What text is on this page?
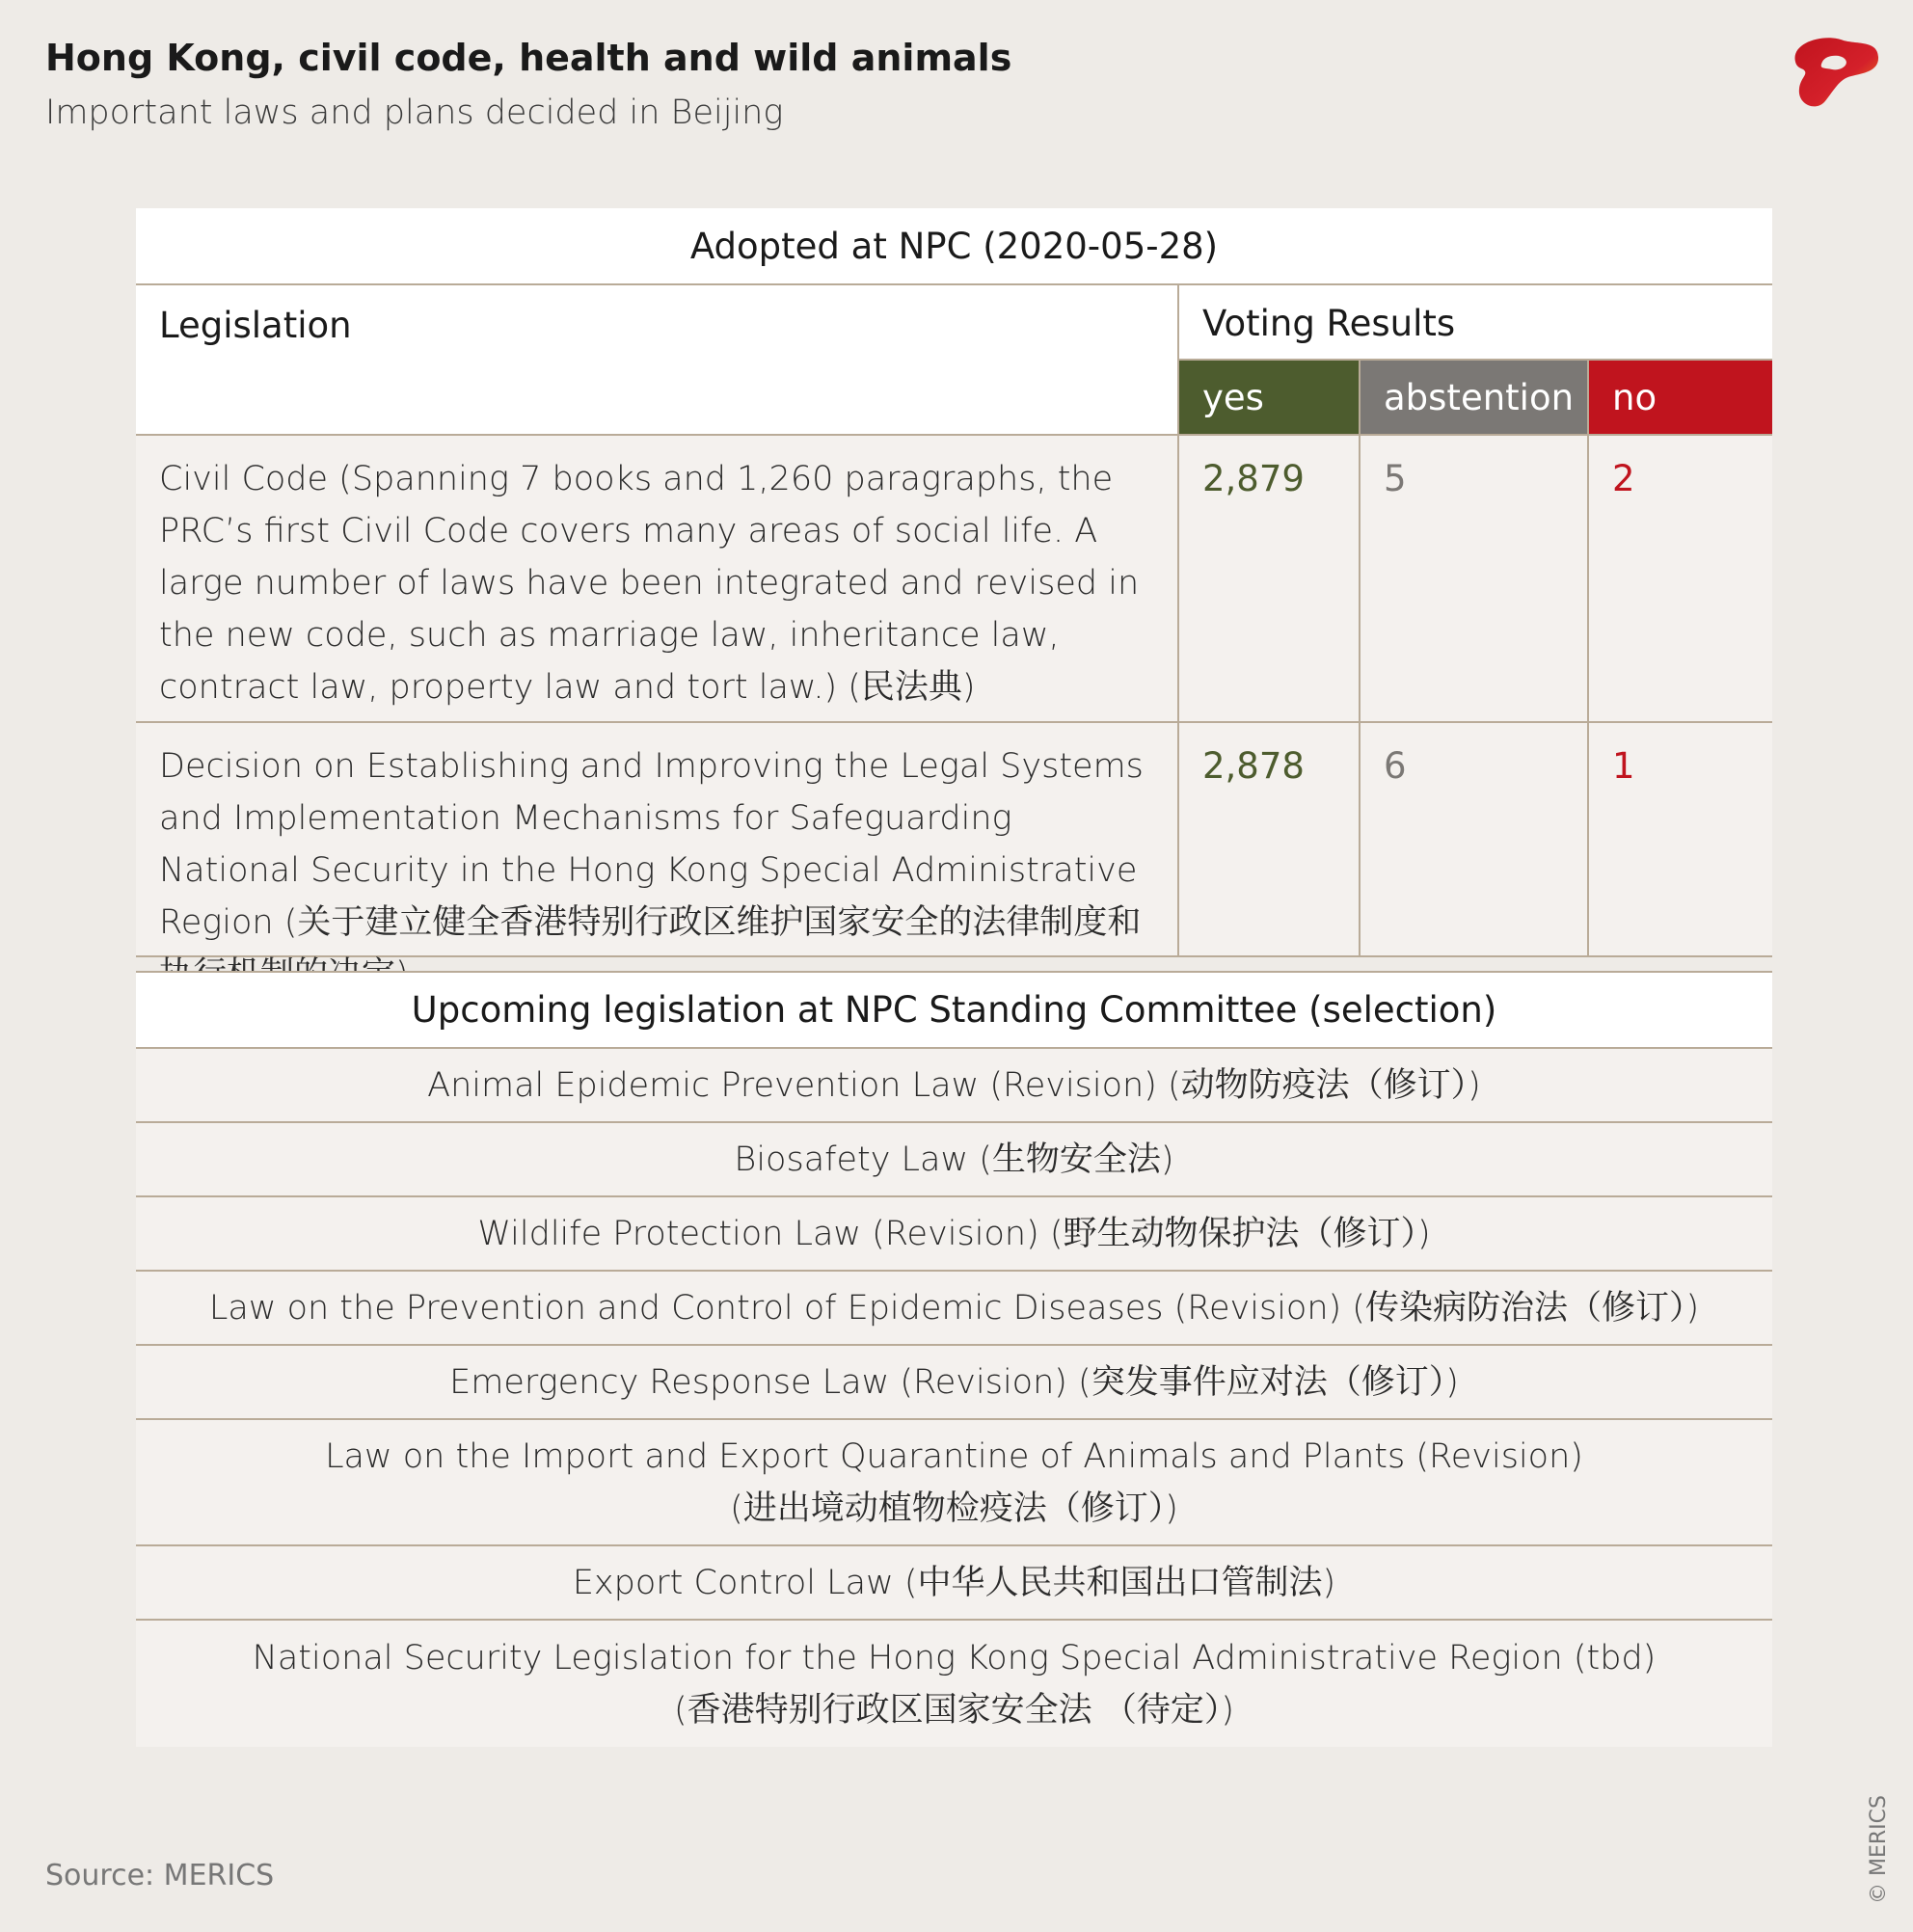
Hong Kong, civil code, health and wild animals
Important laws and plans decided in Beijing
Adopted at NPC (2020-05-28)
Legislation	Voting Results
yes	abstention	no
Civil Code (Spanning 7 books and 1,260 paragraphs, the PRC’s first Civil Code covers many areas of social life. A large number of laws have been integrated and revised in the new code, such as marriage law, inheritance law, contract law, property law and tort law.) (民法典)
2,879	5	2
Decision on Establishing and Improving the Legal Systems and Implementation Mechanisms for Safeguarding National Security in the Hong Kong Special Administrative Region (关于建立健全香港特别行政区维护国家安全的法律制度和
2,878	6	1
Upcoming legislation at NPC Standing Committee (selection)
Animal Epidemic Prevention Law (Revision) (动物防疫法（修订）)
Biosafety Law (生物安全法)
Wildlife Protection Law (Revision) (野生动物保护法（修订）)
Law on the Prevention and Control of Epidemic Diseases (Revision) (传染病防治法（修订）)
Emergency Response Law (Revision) (突发事件应对法（修订）)
Law on the Import and Export Quarantine of Animals and Plants (Revision)
(进出境动植物检疫法（修订）)
Export Control Law (中华人民共和国出口管制法)
National Security Legislation for the Hong Kong Special Administrative Region (tbd)
(香港特别行政区国家安全法 （待定）)
Source: MERICS	© MERICS
